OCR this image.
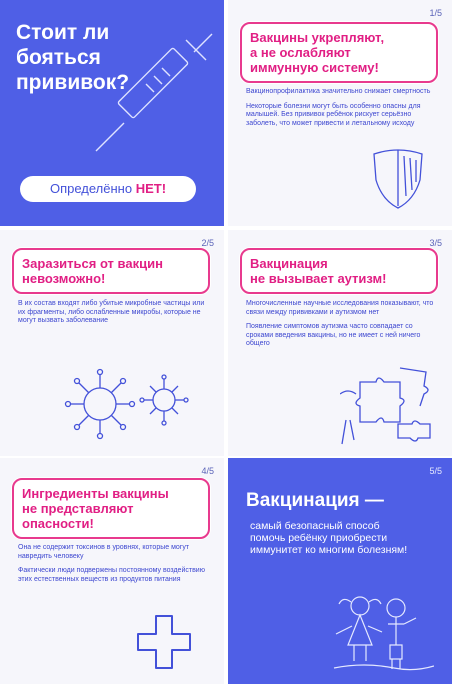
Стоит ли
бояться
прививок?
Определённо НЕТ!
1/5
Вакцины укрепляют,
а не ослабляют
иммунную систему!

Вакцинопрофилактика значительно снижает смертность

Некоторые болезни могут быть особенно опасны для малышей. Без прививок ребёнок рискует серьёзно заболеть, что может привести и летальному исходу

2/5
Заразиться от вакцин
невозможно!

В их состав входят либо убитые микробные частицы или их фрагменты, либо ослабленные микробы, которые не могут вызвать заболевание

3/5
Вакцинация
не вызывает аутизм!

Многочисленные научные исследования показывают, что связи между прививками и аутизмом нет

Появление симптомов аутизма часто совпадает со сроками введения вакцины, но не имеет с ней ничего общего

4/5
Ингредиенты вакцины
не представляют
опасности!

Она не содержит токсинов в уровнях, которые могут навредить человеку

Фактически люди подвержены постоянному воздействию этих естественных веществ из продуктов питания

5/5
Вакцинация —
самый безопасный способ
помочь ребёнку приобрести
иммунитет ко многим болезням!
